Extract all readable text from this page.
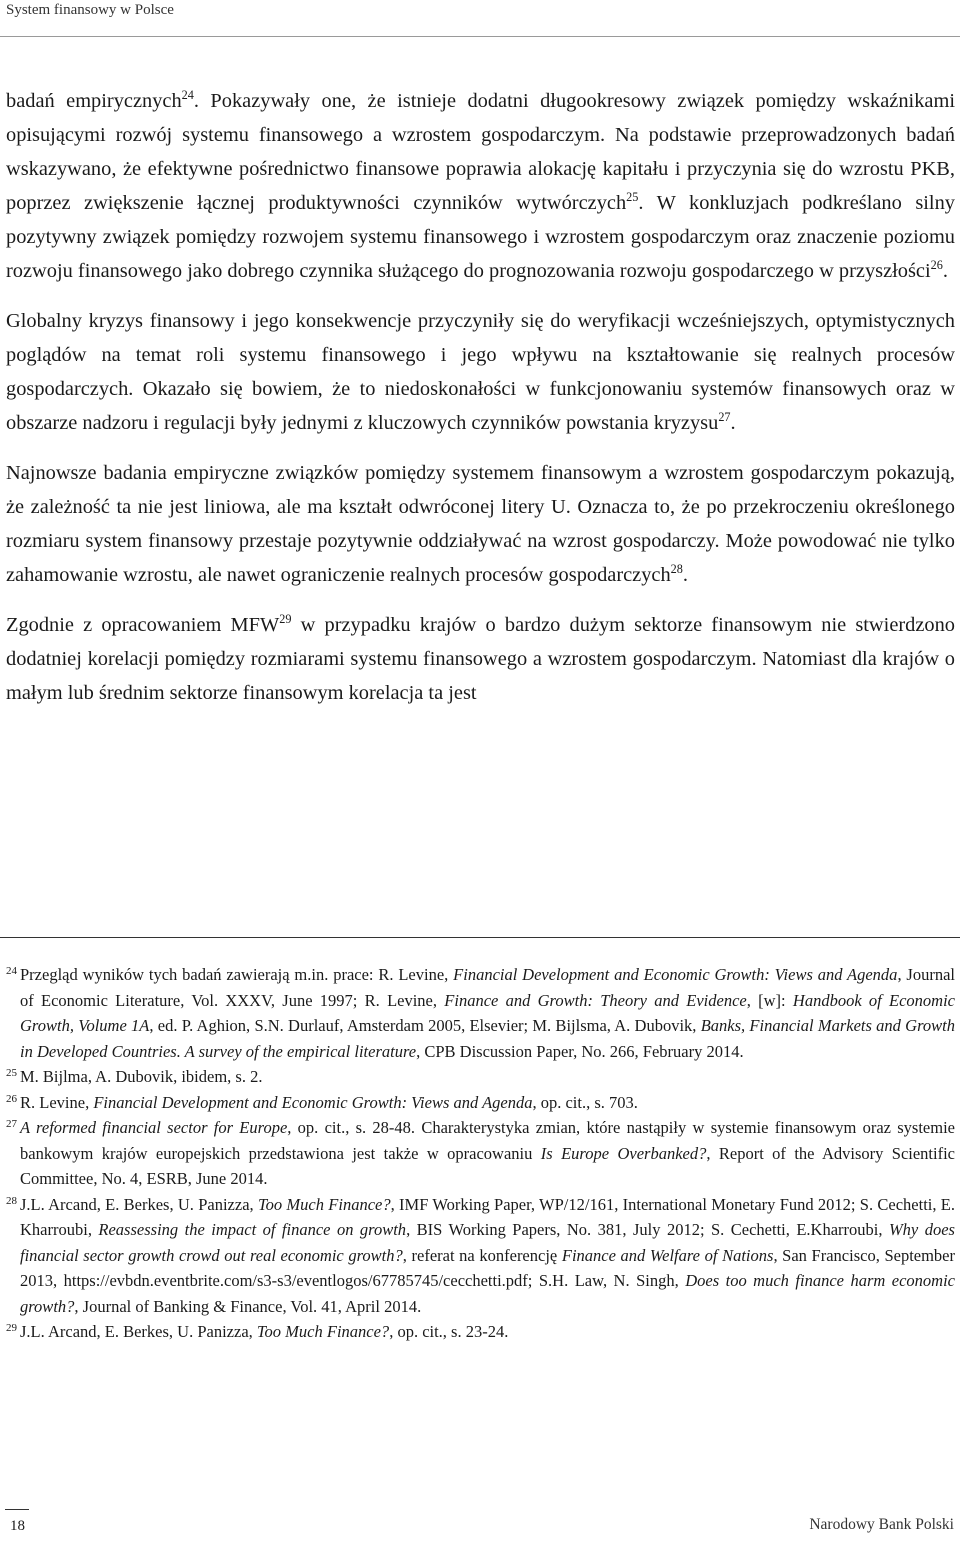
System finansowy w Polsce

badań empirycznych$^{24}$. Pokazywały one, że istnieje dodatni długookresowy związek pomiędzy wskaźnikami opisującymi rozwój systemu finansowego a wzrostem gospodarczym. Na podstawie przeprowadzonych badań wskazywano, że efektywne pośrednictwo finansowe poprawia alokację kapitału i przyczynia się do wzrostu PKB, poprzez zwiększenie łącznej produktywności czynników wytwórczych$^{25}$. W konkluzjach podkreślano silny pozytywny związek pomiędzy rozwojem systemu finansowego i wzrostem gospodarczym oraz znaczenie poziomu rozwoju finansowego jako dobrego czynnika służącego do prognozowania rozwoju gospodarczego w przyszłości$^{26}$.

Globalny kryzys finansowy i jego konsekwencje przyczyniły się do weryfikacji wcześniejszych, optymistycznych poglądów na temat roli systemu finansowego i jego wpływu na kształtowanie się realnych procesów gospodarczych. Okazało się bowiem, że to niedoskonałości w funkcjonowaniu systemów finansowych oraz w obszarze nadzoru i regulacji były jednymi z kluczowych czynników powstania kryzysu$^{27}$.

Najnowsze badania empiryczne związków pomiędzy systemem finansowym a wzrostem gospodarczym pokazują, że zależność ta nie jest liniowa, ale ma kształt odwróconej litery U. Oznacza to, że po przekroczeniu określonego rozmiaru system finansowy przestaje pozytywnie oddziaływać na wzrost gospodarczy. Może powodować nie tylko zahamowanie wzrostu, ale nawet ograniczenie realnych procesów gospodarczych$^{28}$.

Zgodnie z opracowaniem MFW$^{29}$ w przypadku krajów o bardzo dużym sektorze finansowym nie stwierdzono dodatniej korelacji pomiędzy rozmiarami systemu finansowego a wzrostem gospodarczym. Natomiast dla krajów o małym lub średnim sektorze finansowym korelacja ta jest

24 Przegląd wyników tych badań zawierają m.in. prace: R. Levine, Financial Development and Economic Growth: Views and Agenda, Journal of Economic Literature, Vol. XXXV, June 1997; R. Levine, Finance and Growth: Theory and Evidence, [w]: Handbook of Economic Growth, Volume 1A, ed. P. Aghion, S.N. Durlauf, Amsterdam 2005, Elsevier; M. Bijlsma, A. Dubovik, Banks, Financial Markets and Growth in Developed Countries. A survey of the empirical literature, CPB Discussion Paper, No. 266, February 2014.

25 M. Bijlma, A. Dubovik, ibidem, s. 2.

26 R. Levine, Financial Development and Economic Growth: Views and Agenda, op. cit., s. 703.

27 A reformed financial sector for Europe, op. cit., s. 28-48. Charakterystyka zmian, które nastąpiły w systemie finansowym oraz systemie bankowym krajów europejskich przedstawiona jest także w opracowaniu Is Europe Overbanked?, Report of the Advisory Scientific Committee, No. 4, ESRB, June 2014.

28 J.L. Arcand, E. Berkes, U. Panizza, Too Much Finance?, IMF Working Paper, WP/12/161, International Monetary Fund 2012; S. Cechetti, E. Kharroubi, Reassessing the impact of finance on growth, BIS Working Papers, No. 381, July 2012; S. Cechetti, E.Kharroubi, Why does financial sector growth crowd out real economic growth?, referat na konferencję Finance and Welfare of Nations, San Francisco, September 2013, https://evbdn.eventbrite.com/s3-s3/eventlogos/67785745/cecchetti.pdf; S.H. Law, N. Singh, Does too much finance harm economic growth?, Journal of Banking & Finance, Vol. 41, April 2014.

29 J.L. Arcand, E. Berkes, U. Panizza, Too Much Finance?, op. cit., s. 23-24.

18	Narodowy Bank Polski
